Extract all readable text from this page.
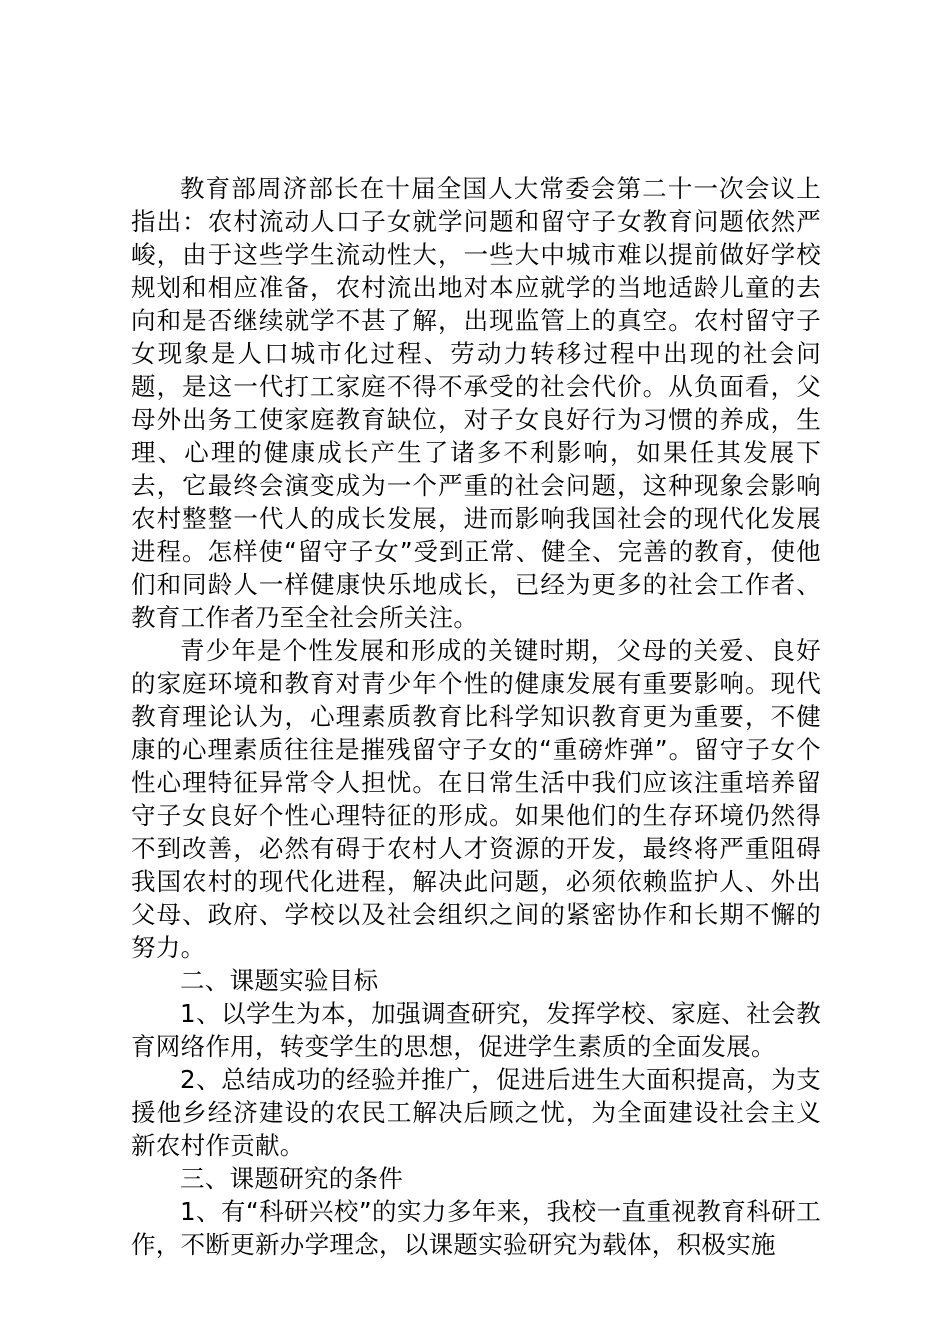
教育部周济部长在十届全国人大常委会第二十一次会议上指出：农村流动人口子女就学问题和留守子女教育问题依然严峻，由于这些学生流动性大，一些大中城市难以提前做好学校规划和相应准备，农村流出地对本应就学的当地适龄儿童的去向和是否继续就学不甚了解，出现监管上的真空。农村留守子女现象是人口城市化过程、劳动力转移过程中出现的社会问题，是这一代打工家庭不得不承受的社会代价。从负面看，父母外出务工使家庭教育缺位，对子女良好行为习惯的养成，生理、心理的健康成长产生了诸多不利影响，如果任其发展下去，它最终会演变成为一个严重的社会问题，这种现象会影响农村整整一代人的成长发展，进而影响我国社会的现代化发展进程。怎样使“留守子女”受到正常、健全、完善的教育，使他们和同龄人一样健康快乐地成长，已经为更多的社会工作者、教育工作者乃至全社会所关注。

青少年是个性发展和形成的关键时期，父母的关爱、良好的家庭环境和教育对青少年个性的健康发展有重要影响。现代教育理论认为，心理素质教育比科学知识教育更为重要，不健康的心理素质往往是摧残留守子女的“重磅炸弹”。留守子女个性心理特征异常令人担忧。在日常生活中我们应该注重培养留守子女良好个性心理特征的形成。如果他们的生存环境仍然得不到改善，必然有碍于农村人才资源的开发，最终将严重阻碍我国农村的现代化进程，解决此问题，必须依赖监护人、外出父母、政府、学校以及社会组织之间的紧密协作和长期不懈的努力。

二、课题实验目标

1、以学生为本，加强调查研究，发挥学校、家庭、社会教育网络作用，转变学生的思想，促进学生素质的全面发展。

2、总结成功的经验并推广，促进后进生大面积提高，为支援他乡经济建设的农民工解决后顾之忧，为全面建设社会主义新农村作贡献。

三、课题研究的条件

1、有“科研兴校”的实力多年来，我校一直重视教育科研工作，不断更新办学理念，以课题实验研究为载体，积极实施
